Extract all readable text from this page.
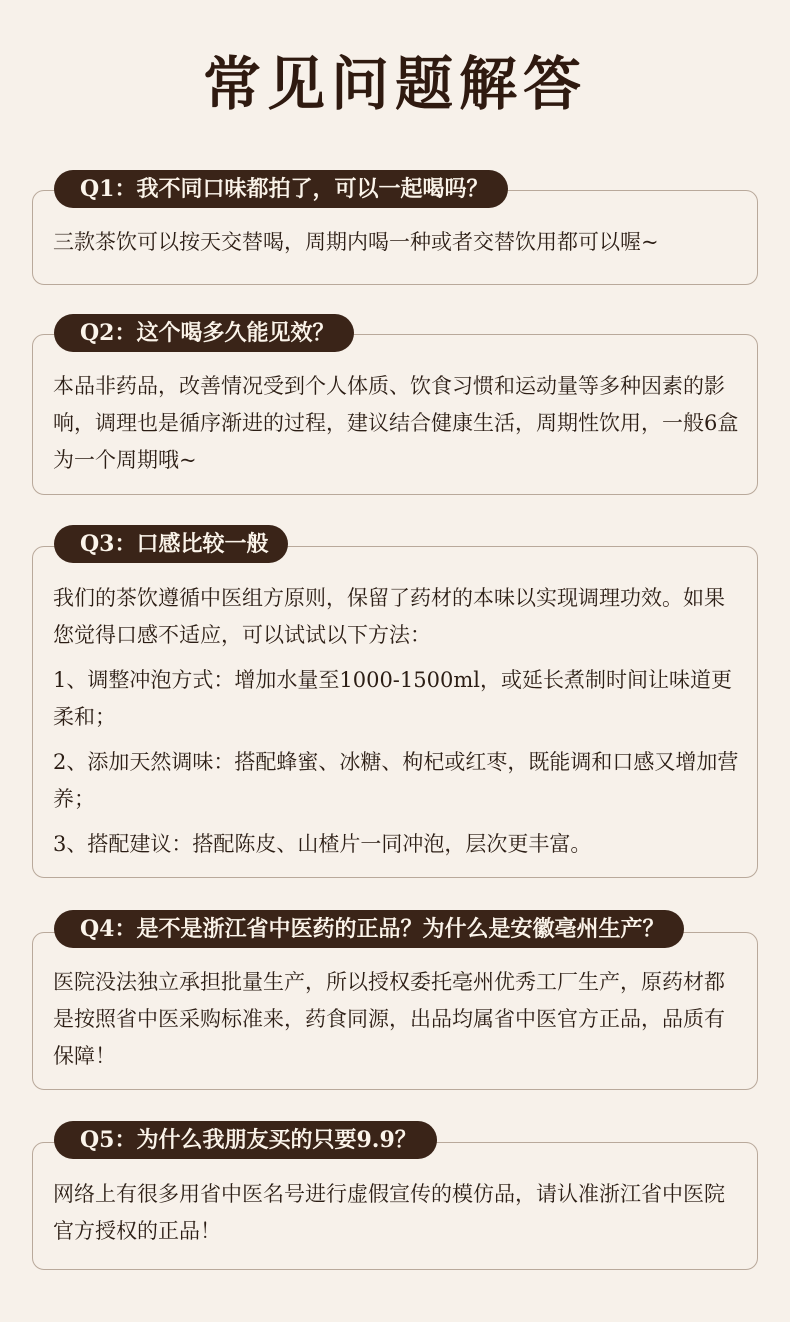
常见问题解答

三款茶饮可以按天交替喝，周期内喝一种或者交替饮用都可以喔~

Q1：我不同口味都拍了，可以一起喝吗？

本品非药品，改善情况受到个人体质、饮食习惯和运动量等多种因素的影响，调理也是循序渐进的过程，建议结合健康生活，周期性饮用，一般6盒为一个周期哦~

Q2：这个喝多久能见效？

我们的茶饮遵循中医组方原则，保留了药材的本味以实现调理功效。如果您觉得口感不适应，可以试试以下方法：

1、调整冲泡方式：增加水量至1000-1500ml，或延长煮制时间让味道更柔和；

2、添加天然调味：搭配蜂蜜、冰糖、枸杞或红枣，既能调和口感又增加营养；

3、搭配建议：搭配陈皮、山楂片一同冲泡，层次更丰富。

Q3：口感比较一般

医院没法独立承担批量生产，所以授权委托亳州优秀工厂生产，原药材都是按照省中医采购标准来，药食同源，出品均属省中医官方正品，品质有保障！

Q4：是不是浙江省中医药的正品？为什么是安徽亳州生产？

网络上有很多用省中医名号进行虚假宣传的模仿品，请认准浙江省中医院官方授权的正品！

Q5：为什么我朋友买的只要9.9？
